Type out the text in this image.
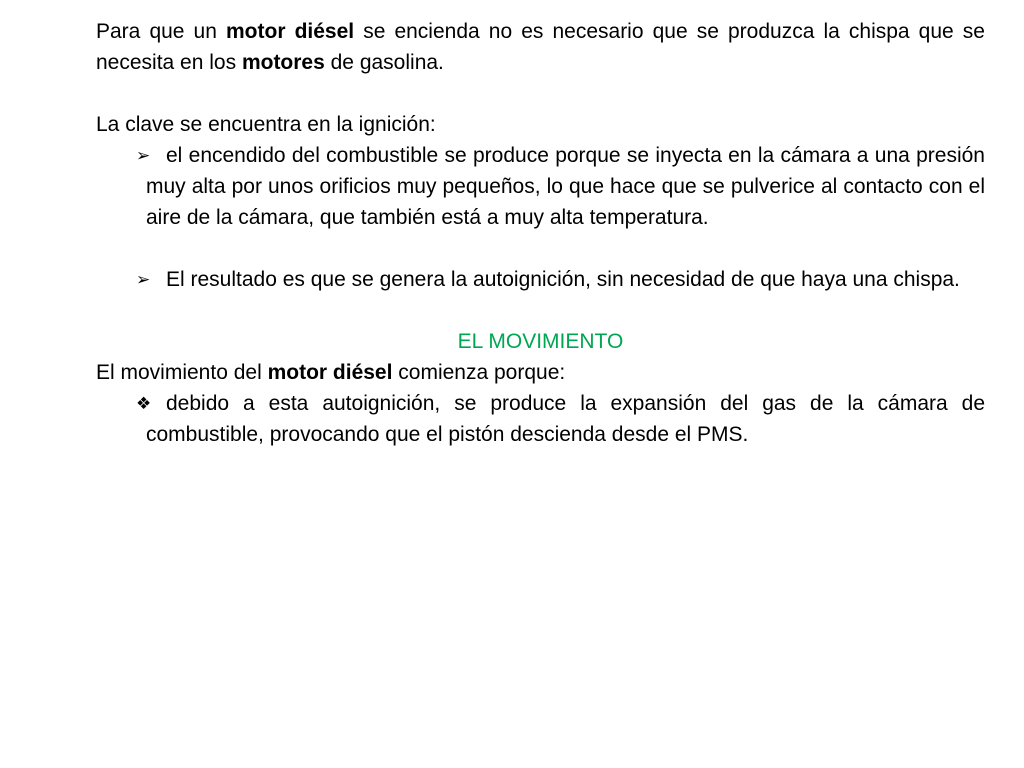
Para que un motor diésel se encienda no es necesario que se produzca la chispa que se necesita en los motores de gasolina.

La clave se encuentra en la ignición:

➢ el encendido del combustible se produce porque se inyecta en la cámara a una presión muy alta por unos orificios muy pequeños, lo que hace que se pulverice al contacto con el aire de la cámara, que también está a muy alta temperatura.
➢ El resultado es que se genera la autoignición, sin necesidad de que haya una chispa.

EL MOVIMIENTO

El movimiento del motor diésel comienza porque:

❖ debido a esta autoignición, se produce la expansión del gas de la cámara de combustible, provocando que el pistón descienda desde el PMS.
